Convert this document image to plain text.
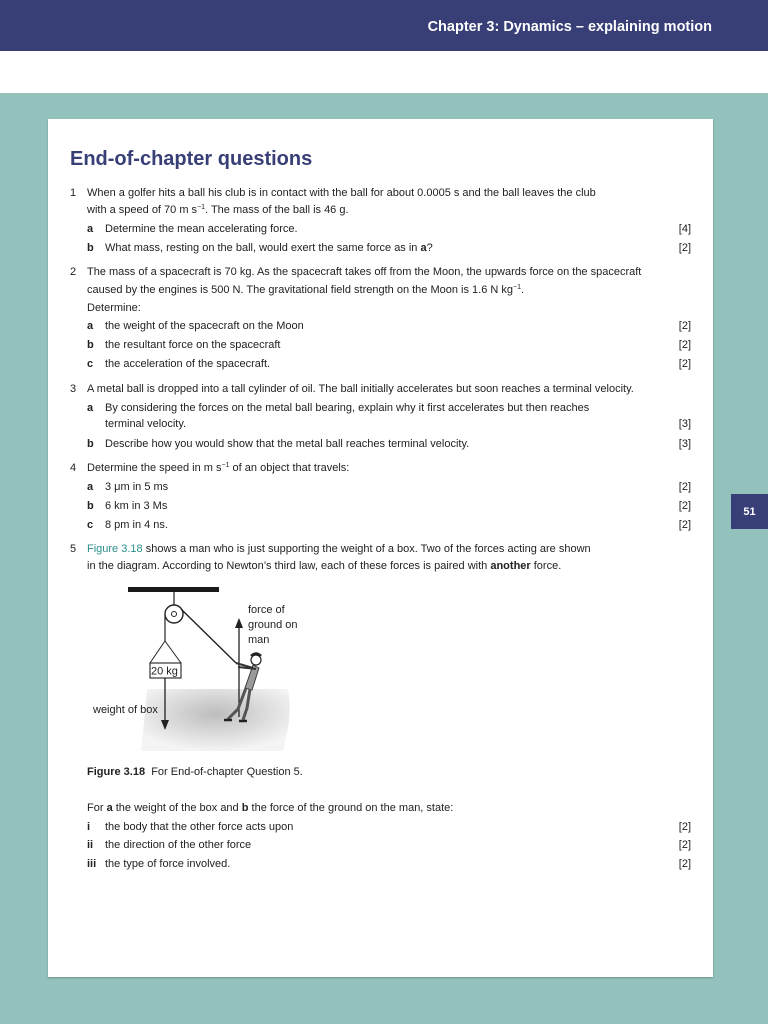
Chapter 3: Dynamics – explaining motion
51
End-of-chapter questions
1 When a golfer hits a ball his club is in contact with the ball for about 0.0005 s and the ball leaves the club
with a speed of 70 m $s^{-1}$. The mass of the ball is 46 g.
a Determine the mean accelerating force.	[4]
b What mass, resting on the ball, would exert the same force as in a?	[2]
2 The mass of a spacecraft is 70 kg. As the spacecraft takes off from the Moon, the upwards force on the spacecraft
caused by the engines is 500 N. The gravitational field strength on the Moon is 1.6 N $kg^{-1}$.
Determine:
a the weight of the spacecraft on the Moon	[2]
b the resultant force on the spacecraft	[2]
c the acceleration of the spacecraft.	[2]
3 A metal ball is dropped into a tall cylinder of oil. The ball initially accelerates but soon reaches a terminal velocity.
a By considering the forces on the metal ball bearing, explain why it first accelerates but then reaches
terminal velocity.	[3]
b Describe how you would show that the metal ball reaches terminal velocity.	[3]
4 Determine the speed in m $s^{-1}$ of an object that travels:
a 3 μm in 5 ms	[2]
b 6 km in 3 Ms	[2]
c 8 pm in 4 ns.	[2]
5 Figure 3.18 shows a man who is just supporting the weight of a box. Two of the forces acting are shown
in the diagram. According to Newton’s third law, each of these forces is paired with another force.
20 kg
weight of box
force of
ground on
man
Figure 3.18 For End-of-chapter Question 5.
For a the weight of the box and b the force of the ground on the man, state:
i the body that the other force acts upon	[2]
ii the direction of the other force	[2]
iii the type of force involved.	[2]
